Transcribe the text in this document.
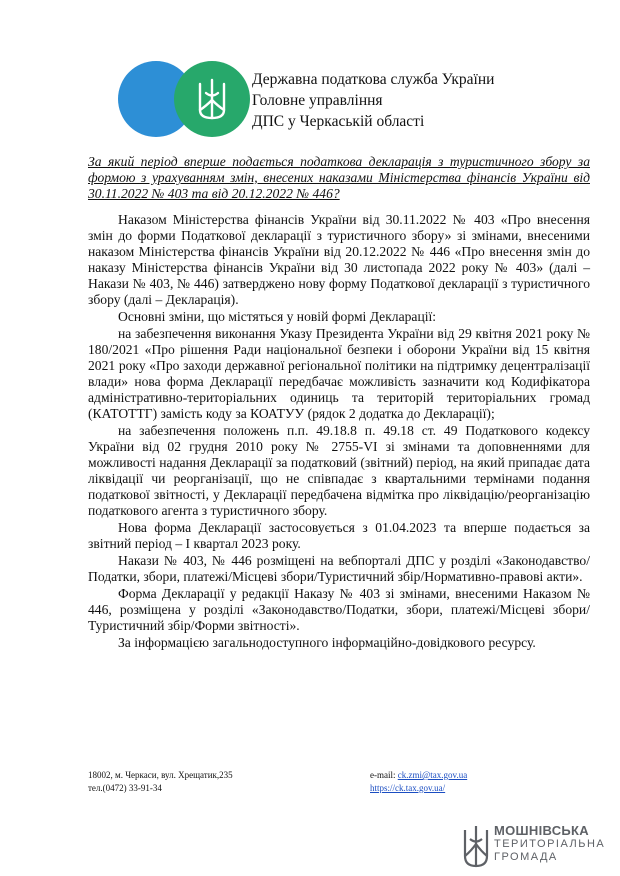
Державна податкова служба України
Головне управління
ДПС у Черкаській області
За який період вперше подається податкова декларація з туристичного збору за формою з урахуванням змін, внесених наказами Міністерства фінансів України від 30.11.2022 № 403 та від 20.12.2022 № 446?

Наказом Міністерства фінансів України від 30.11.2022 № 403 «Про внесення змін до форми Податкової декларації з туристичного збору» зі змінами, внесеними наказом Міністерства фінансів України від 20.12.2022 № 446 «Про внесення змін до наказу Міністерства фінансів України від 30 листопада 2022 року № 403» (далі – Накази № 403, № 446) затверджено нову форму Податкової декларації з туристичного збору (далі – Декларація).

Основні зміни, що містяться у новій формі Декларації:

на забезпечення виконання Указу Президента України від 29 квітня 2021 року № 180/2021 «Про рішення Ради національної безпеки і оборони України від 15 квітня 2021 року «Про заходи державної регіональної політики на підтримку децентралізації влади» нова форма Декларації передбачає можливість зазначити код Кодифікатора адміністративно-територіальних одиниць та територій територіальних громад (КАТОТТГ) замість коду за КОАТУУ (рядок 2 додатка до Декларації);

на забезпечення положень п.п. 49.18.8 п. 49.18 ст. 49 Податкового кодексу України від 02 грудня 2010 року № 2755-VI зі змінами та доповненнями для можливості надання Декларації за податковий (звітний) період, на який припадає дата ліквідації чи реорганізації, що не співпадає з квартальними термінами подання податкової звітності, у Декларації передбачена відмітка про ліквідацію/реорганізацію податкового агента з туристичного збору.

Нова форма Декларації застосовується з 01.04.2023 та вперше подається за звітний період – І квартал 2023 року.

Накази № 403, № 446 розміщені на вебпорталі ДПС у розділі «Законодавство/Податки, збори, платежі/Місцеві збори/Туристичний збір/Нормативно-правові акти».

Форма Декларації у редакції Наказу № 403 зі змінами, внесеними Наказом № 446, розміщена у розділі «Законодавство/Податки, збори, платежі/Місцеві збори/Туристичний збір/Форми звітності».

За інформацією загальнодоступного інформаційно-довідкового ресурсу.

18002, м. Черкаси, вул. Хрещатик,235
тел.(0472) 33-91-34
e-mail: ck.zmi@tax.gov.ua
https://ck.tax.gov.ua/
МОШНІВСЬКА
ТЕРИТОРІАЛЬНА
ГРОМАДА
